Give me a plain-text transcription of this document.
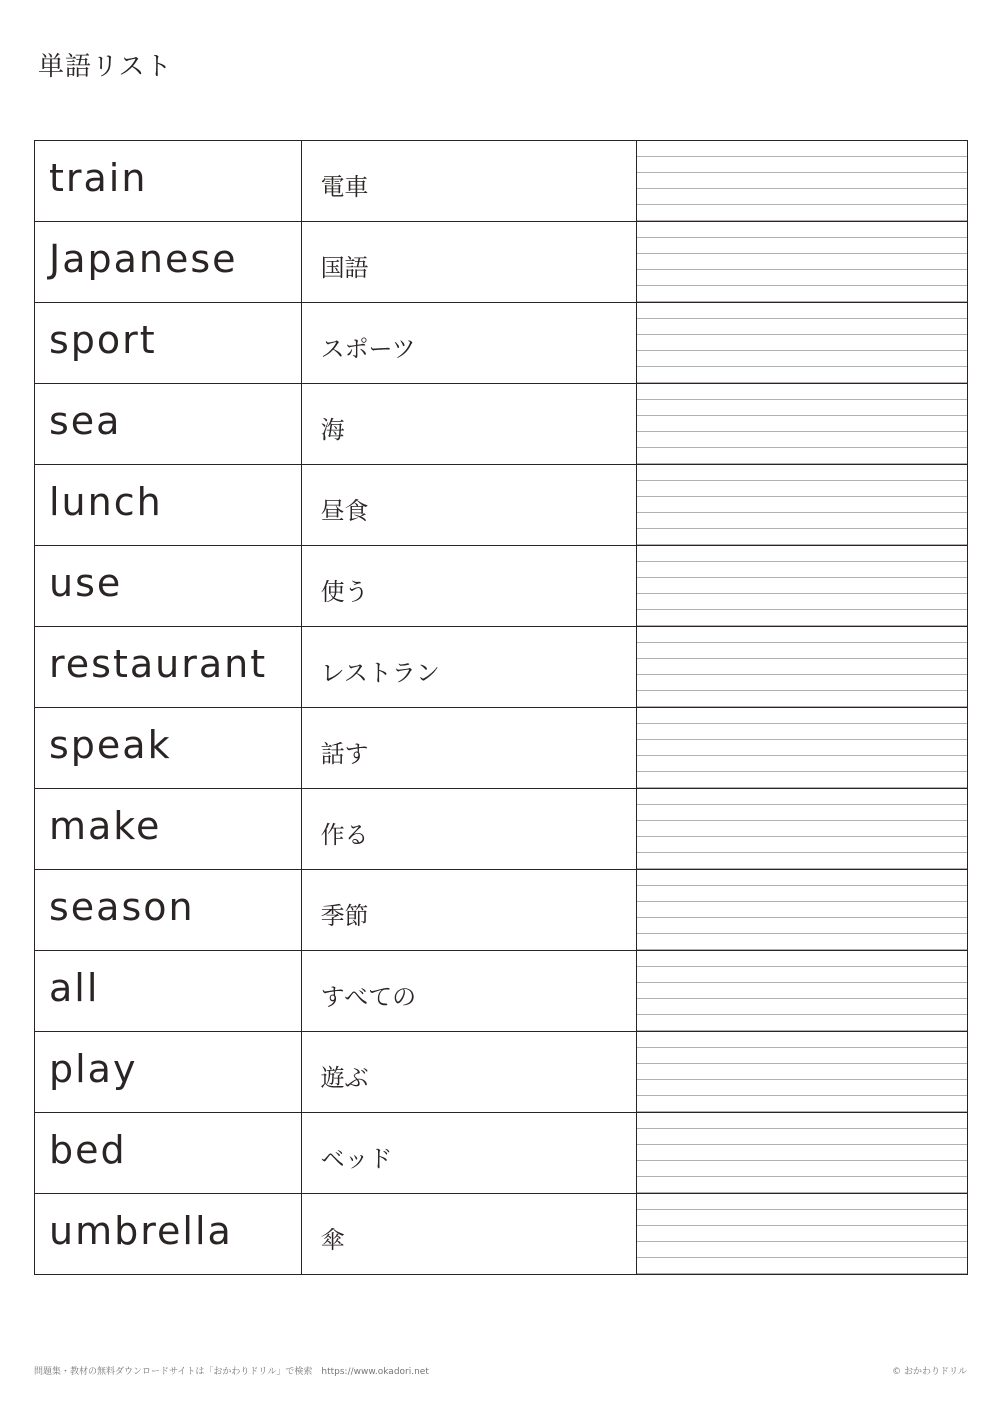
単語リスト
train	電車	

Japanese	国語	

sport	スポーツ	

sea	海	

lunch	昼食	

use	使う	

restaurant	レストラン	

speak	話す	

make	作る	

season	季節	

all	すべての	

play	遊ぶ	

bed	ベッド	

umbrella	傘	

問題集・教材の無料ダウンロードサイトは「おかわりドリル」で検索　https://www.okadori.net	© おかわりドリル
